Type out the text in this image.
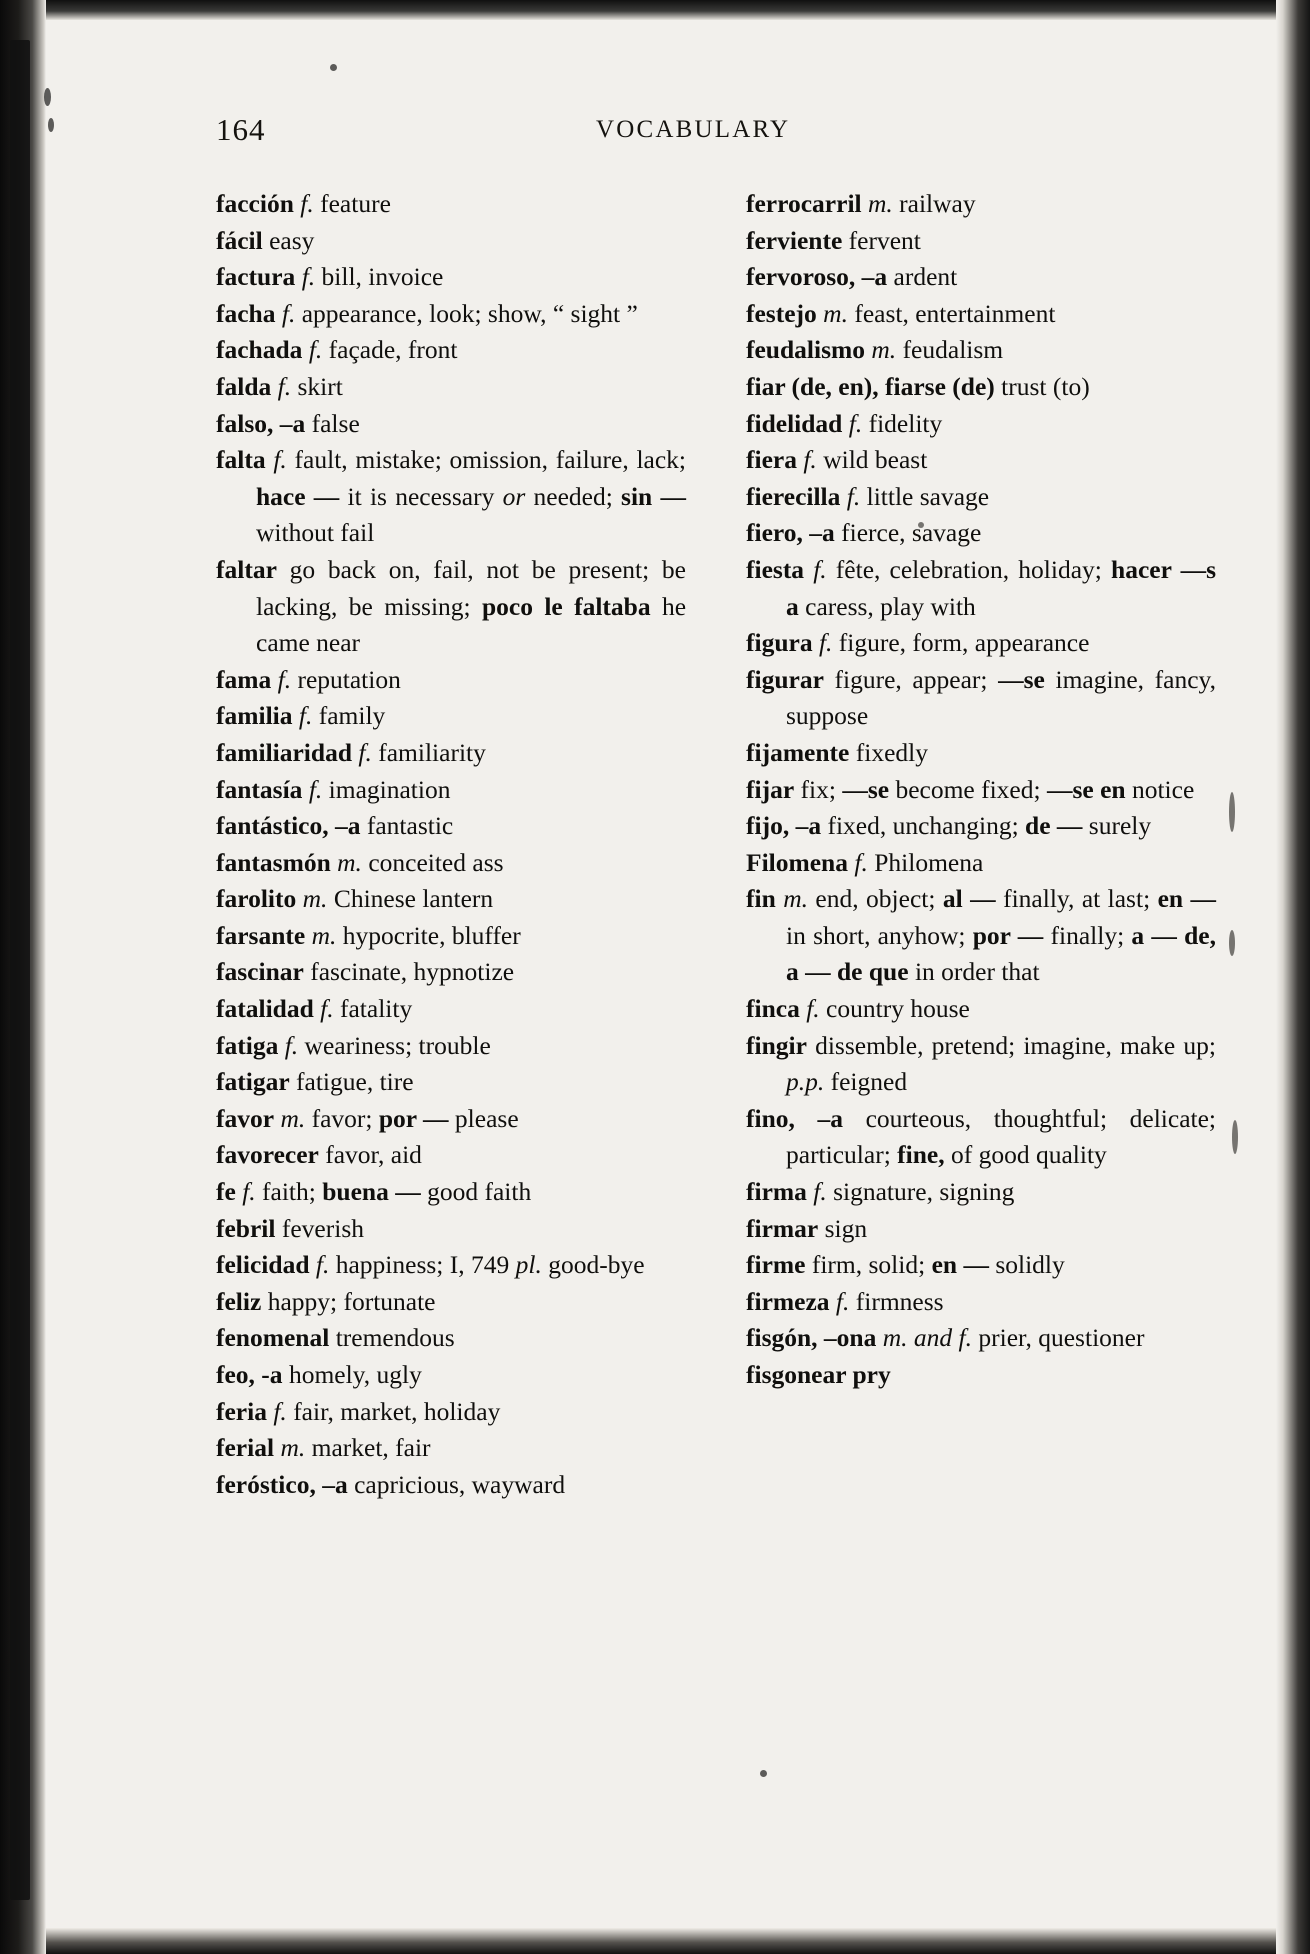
164	VOCABULARY

facción f. feature

fácil easy

factura f. bill, invoice

facha f. appearance, look; show, “ sight ”

fachada f. façade, front

falda f. skirt

falso, –a false

falta f. fault, mistake; omission, failure, lack; hace — it is necessary or needed; sin — without fail

faltar go back on, fail, not be present; be lacking, be missing; poco le faltaba he came near

fama f. reputation

familia f. family

familiaridad f. familiarity

fantasía f. imagination

fantástico, –a fantastic

fantasmón m. conceited ass

farolito m. Chinese lantern

farsante m. hypocrite, bluffer

fascinar fascinate, hypnotize

fatalidad f. fatality

fatiga f. weariness; trouble

fatigar fatigue, tire

favor m. favor; por — please

favorecer favor, aid

fe f. faith; buena — good faith

febril feverish

felicidad f. happiness; I, 749 pl. good-bye

feliz happy; fortunate

fenomenal tremendous

feo, -a homely, ugly

feria f. fair, market, holiday

ferial m. market, fair

feróstico, –a capricious, wayward

ferrocarril m. railway

ferviente fervent

fervoroso, –a ardent

festejo m. feast, entertainment

feudalismo m. feudalism

fiar (de, en), fiarse (de) trust (to)

fidelidad f. fidelity

fiera f. wild beast

fierecilla f. little savage

fiero, –a fierce, savage

fiesta f. fête, celebration, holiday; hacer —s a caress, play with

figura f. figure, form, appearance

figurar figure, appear; —se imagine, fancy, suppose

fijamente fixedly

fijar fix; —se become fixed; —se en notice

fijo, –a fixed, unchanging; de — surely

Filomena f. Philomena

fin m. end, object; al — finally, at last; en — in short, anyhow; por — finally; a — de, a — de que in order that

finca f. country house

fingir dissemble, pretend; imagine, make up; p.p. feigned

fino, –a courteous, thoughtful; delicate; particular; fine, of good quality

firma f. signature, signing

firmar sign

firme firm, solid; en — solidly

firmeza f. firmness

fisgón, –ona m. and f. prier, questioner

fisgonear pry
